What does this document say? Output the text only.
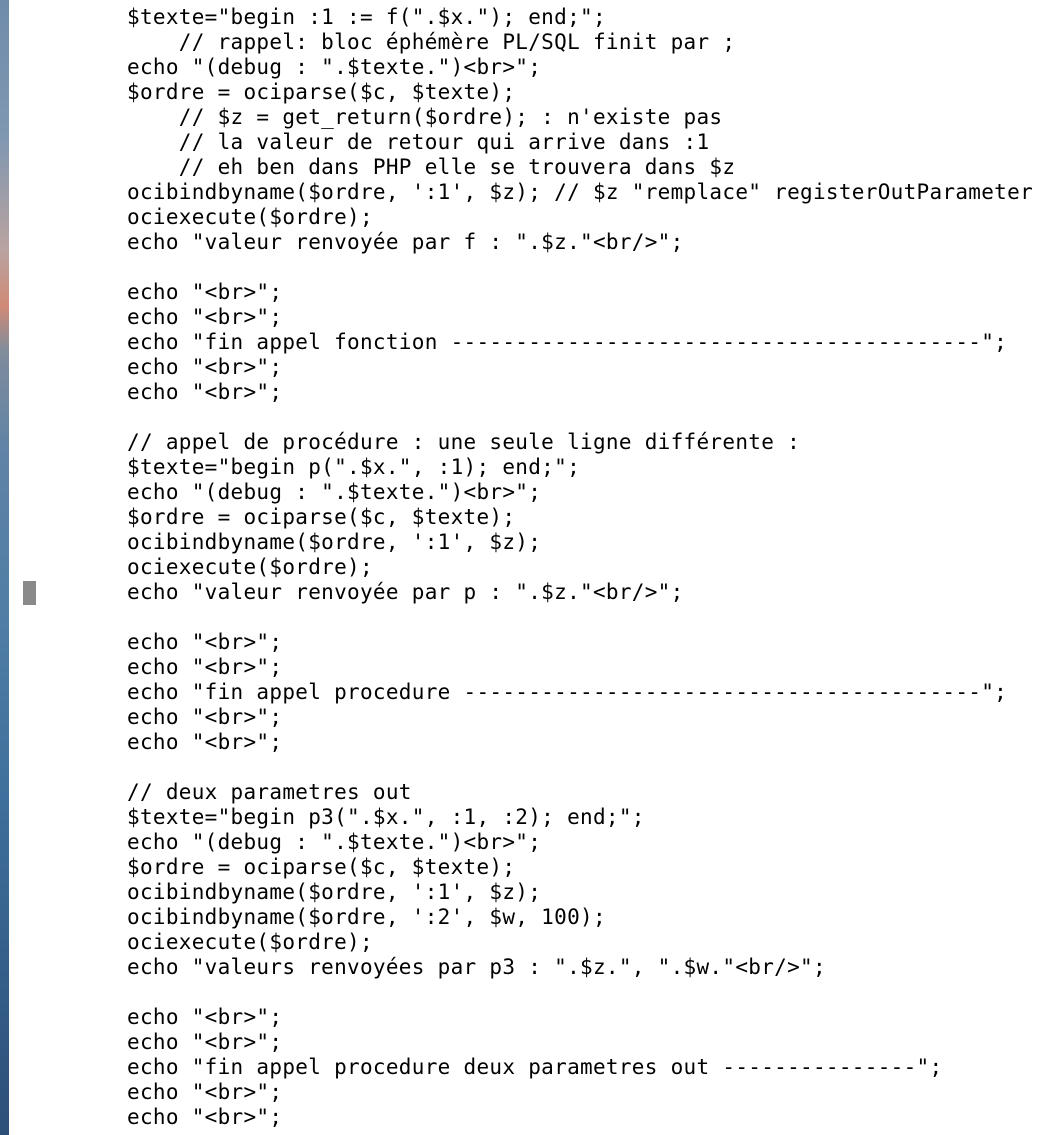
$texte="begin :1 := f(".$x."); end;";
// rappel: bloc éphémère PL/SQL finit par ;
echo "(debug : ".$texte.")<br>";
$ordre = ociparse($c, $texte);
// $z = get_return($ordre); : n'existe pas
// la valeur de retour qui arrive dans :1
// eh ben dans PHP elle se trouvera dans $z
ocibindbyname($ordre, ':1', $z); // $z "remplace" registerOutParameter
ociexecute($ordre);
echo "valeur renvoyée par f : ".$z."<br/>";
echo "<br>";
echo "<br>";
echo "fin appel fonction -----------------------------------------";
echo "<br>";
echo "<br>";
// appel de procédure : une seule ligne différente :
$texte="begin p(".$x.", :1); end;";
echo "(debug : ".$texte.")<br>";
$ordre = ociparse($c, $texte);
ocibindbyname($ordre, ':1', $z);
ociexecute($ordre);
echo "valeur renvoyée par p : ".$z."<br/>";
echo "<br>";
echo "<br>";
echo "fin appel procedure ----------------------------------------";
echo "<br>";
echo "<br>";
// deux parametres out
$texte="begin p3(".$x.", :1, :2); end;";
echo "(debug : ".$texte.")<br>";
$ordre = ociparse($c, $texte);
ocibindbyname($ordre, ':1', $z);
ocibindbyname($ordre, ':2', $w, 100);
ociexecute($ordre);
echo "valeurs renvoyées par p3 : ".$z.", ".$w."<br/>";
echo "<br>";
echo "<br>";
echo "fin appel procedure deux parametres out ---------------";
echo "<br>";
echo "<br>";
